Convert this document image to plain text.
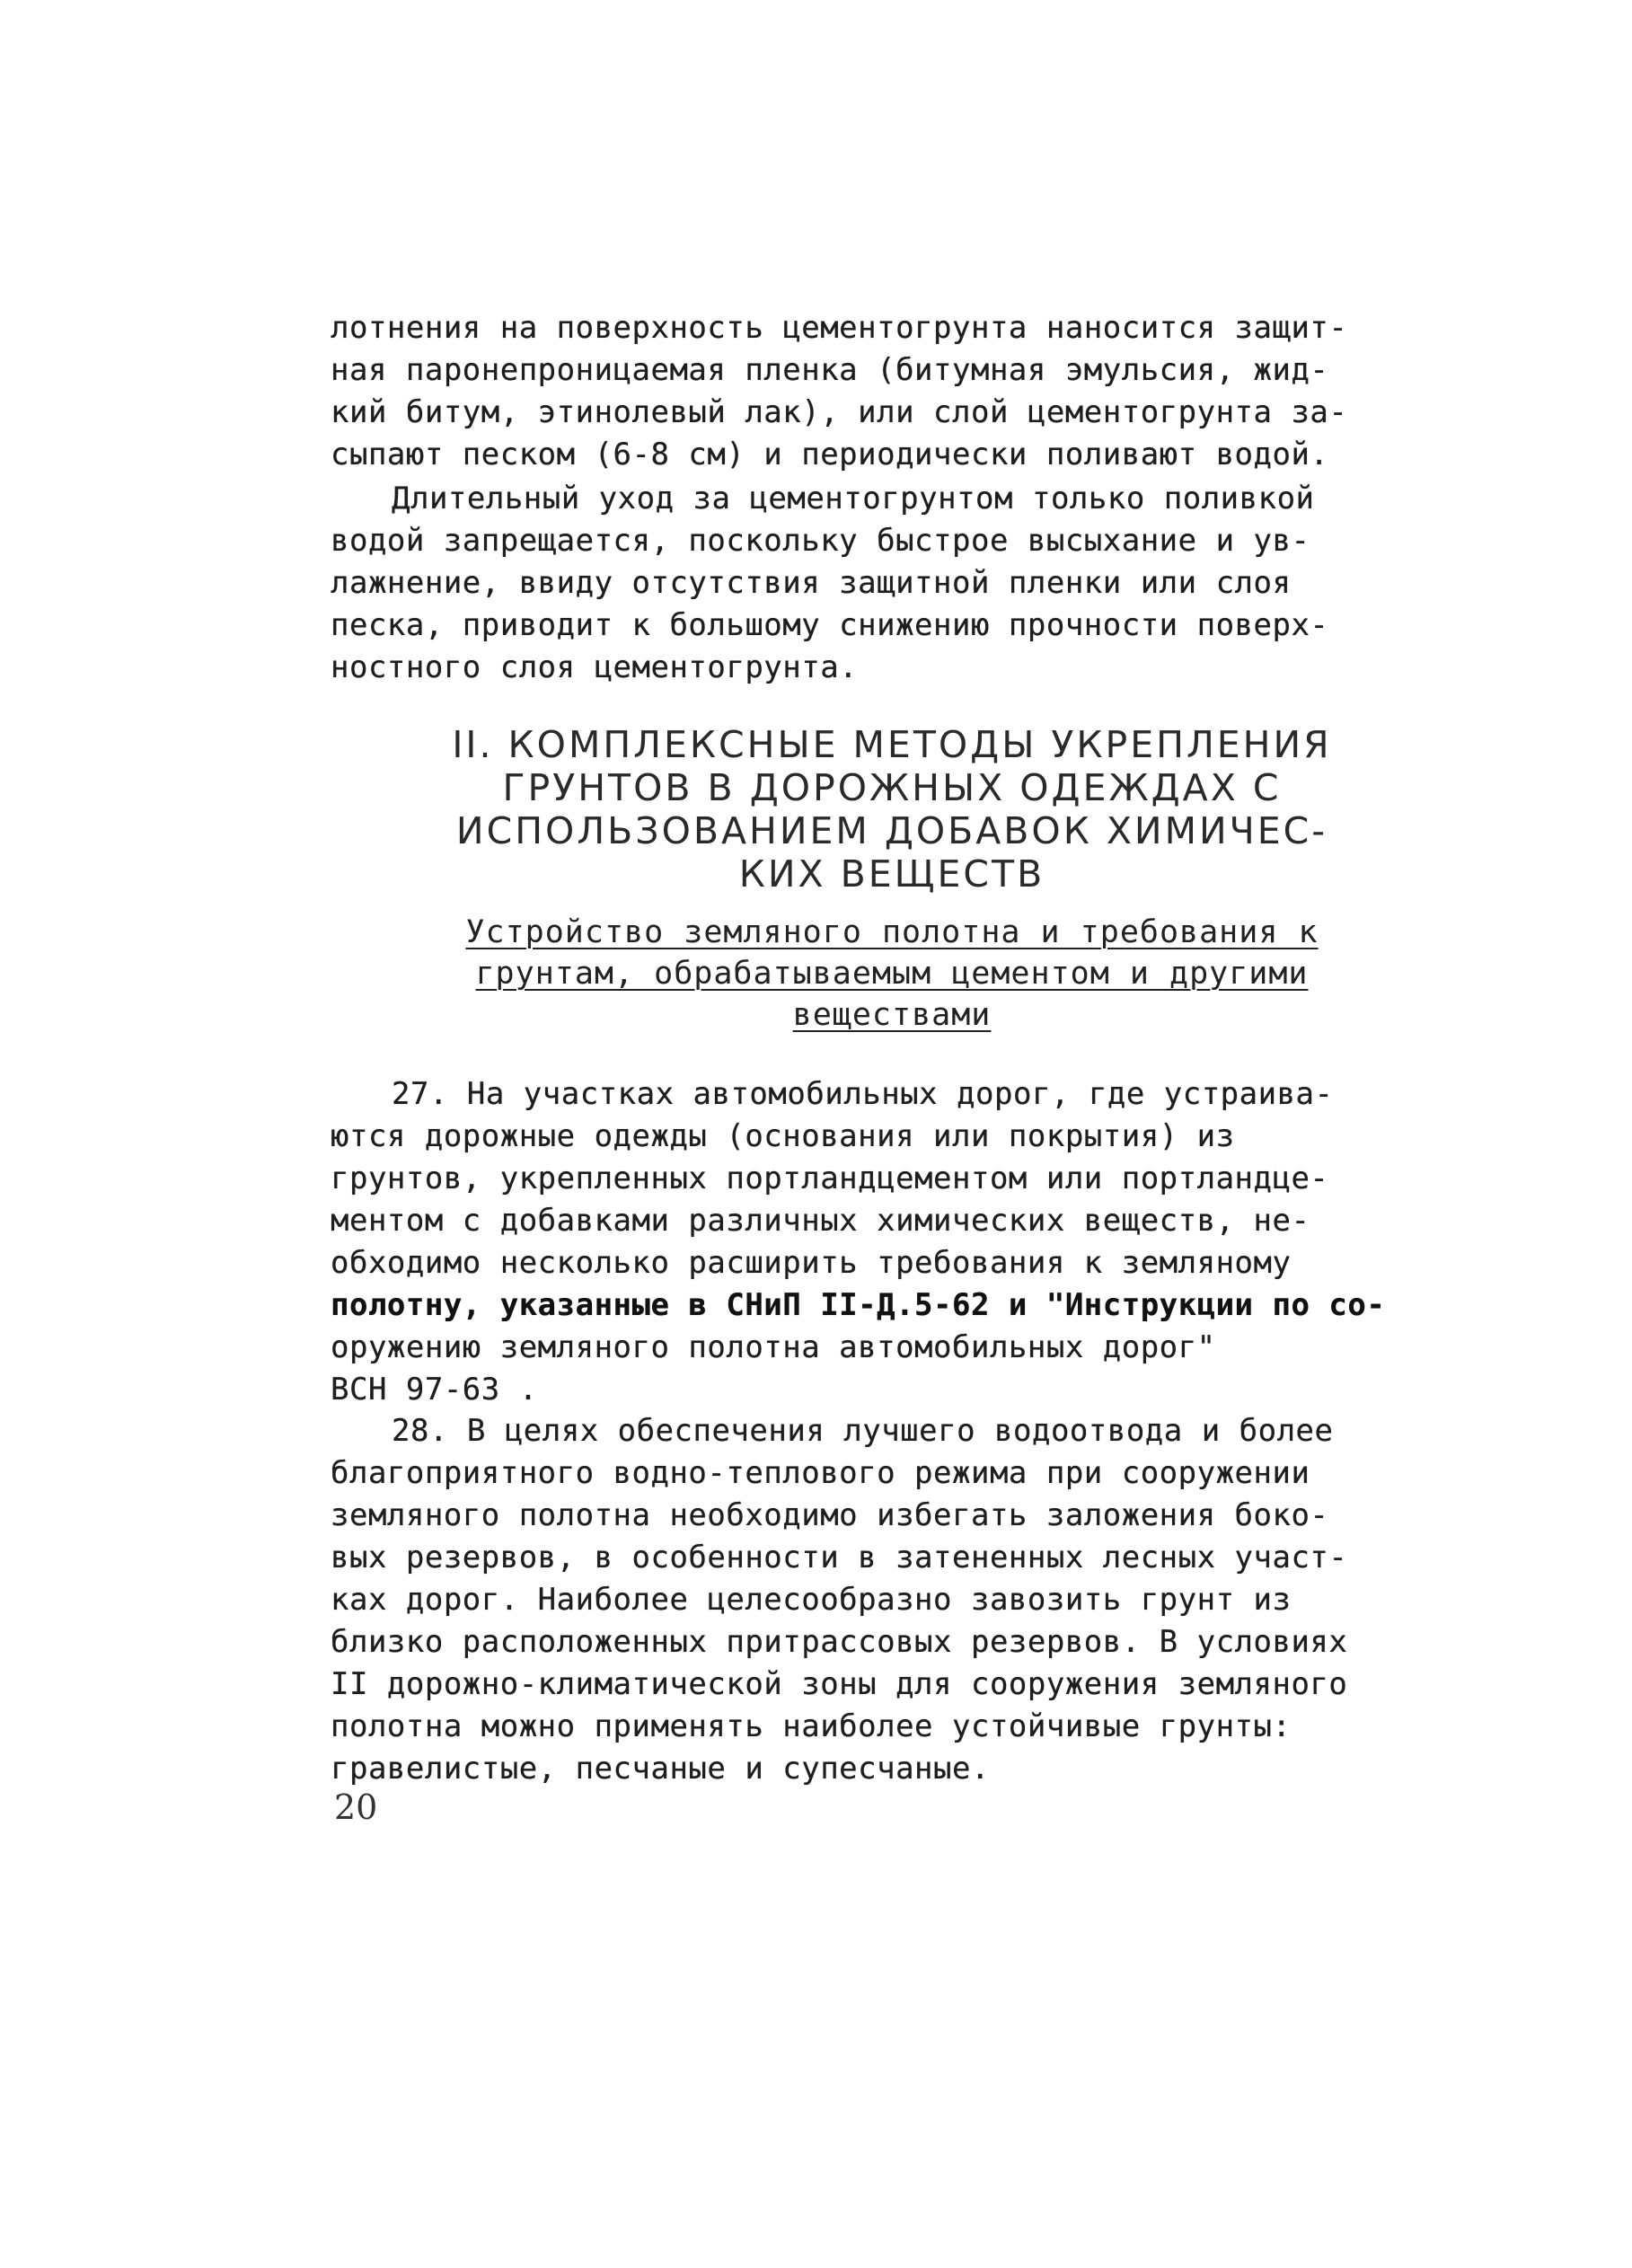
лотнения на поверхность цементогрунта наносится защит-
ная паронепроницаемая пленка (битумная эмульсия, жид-
кий битум, этинолевый лак), или слой цементогрунта за-
сыпают песком (6-8 см) и периодически поливают водой.
Длительный уход за цементогрунтом только поливкой
водой запрещается, поскольку быстрое высыхание и ув-
лажнение, ввиду отсутствия защитной пленки или слоя
песка, приводит к большому снижению прочности поверх-
ностного слоя цементогрунта.
II. КОМПЛЕКСНЫЕ МЕТОДЫ УКРЕПЛЕНИЯ
ГРУНТОВ В ДОРОЖНЫХ ОДЕЖДАХ С
ИСПОЛЬЗОВАНИЕМ ДОБАВОК ХИМИЧЕС-
КИХ ВЕЩЕСТВ
Устройство земляного полотна и требования к
грунтам, обрабатываемым цементом и другими
веществами
27. На участках автомобильных дорог, где устраива-
ются дорожные одежды (основания или покрытия) из
грунтов, укрепленных портландцементом или портландце-
ментом с добавками различных химических веществ, не-
обходимо несколько расширить требования к земляному
полотну, указанные в СНиП ІI-Д.5-62 и "Инструкции по со-
оружению земляного полотна автомобильных дорог"
ВСН 97-63 .
28. В целях обеспечения лучшего водоотвода и более
благоприятного водно-теплового режима при сооружении
земляного полотна необходимо избегать заложения боко-
вых резервов, в особенности в затененных лесных участ-
ках дорог. Наиболее целесообразно завозить грунт из
близко расположенных притрассовых резервов. В условиях
II дорожно-климатической зоны для сооружения земляного
полотна можно применять наиболее устойчивые грунты:
гравелистые, песчаные и супесчаные.
20
